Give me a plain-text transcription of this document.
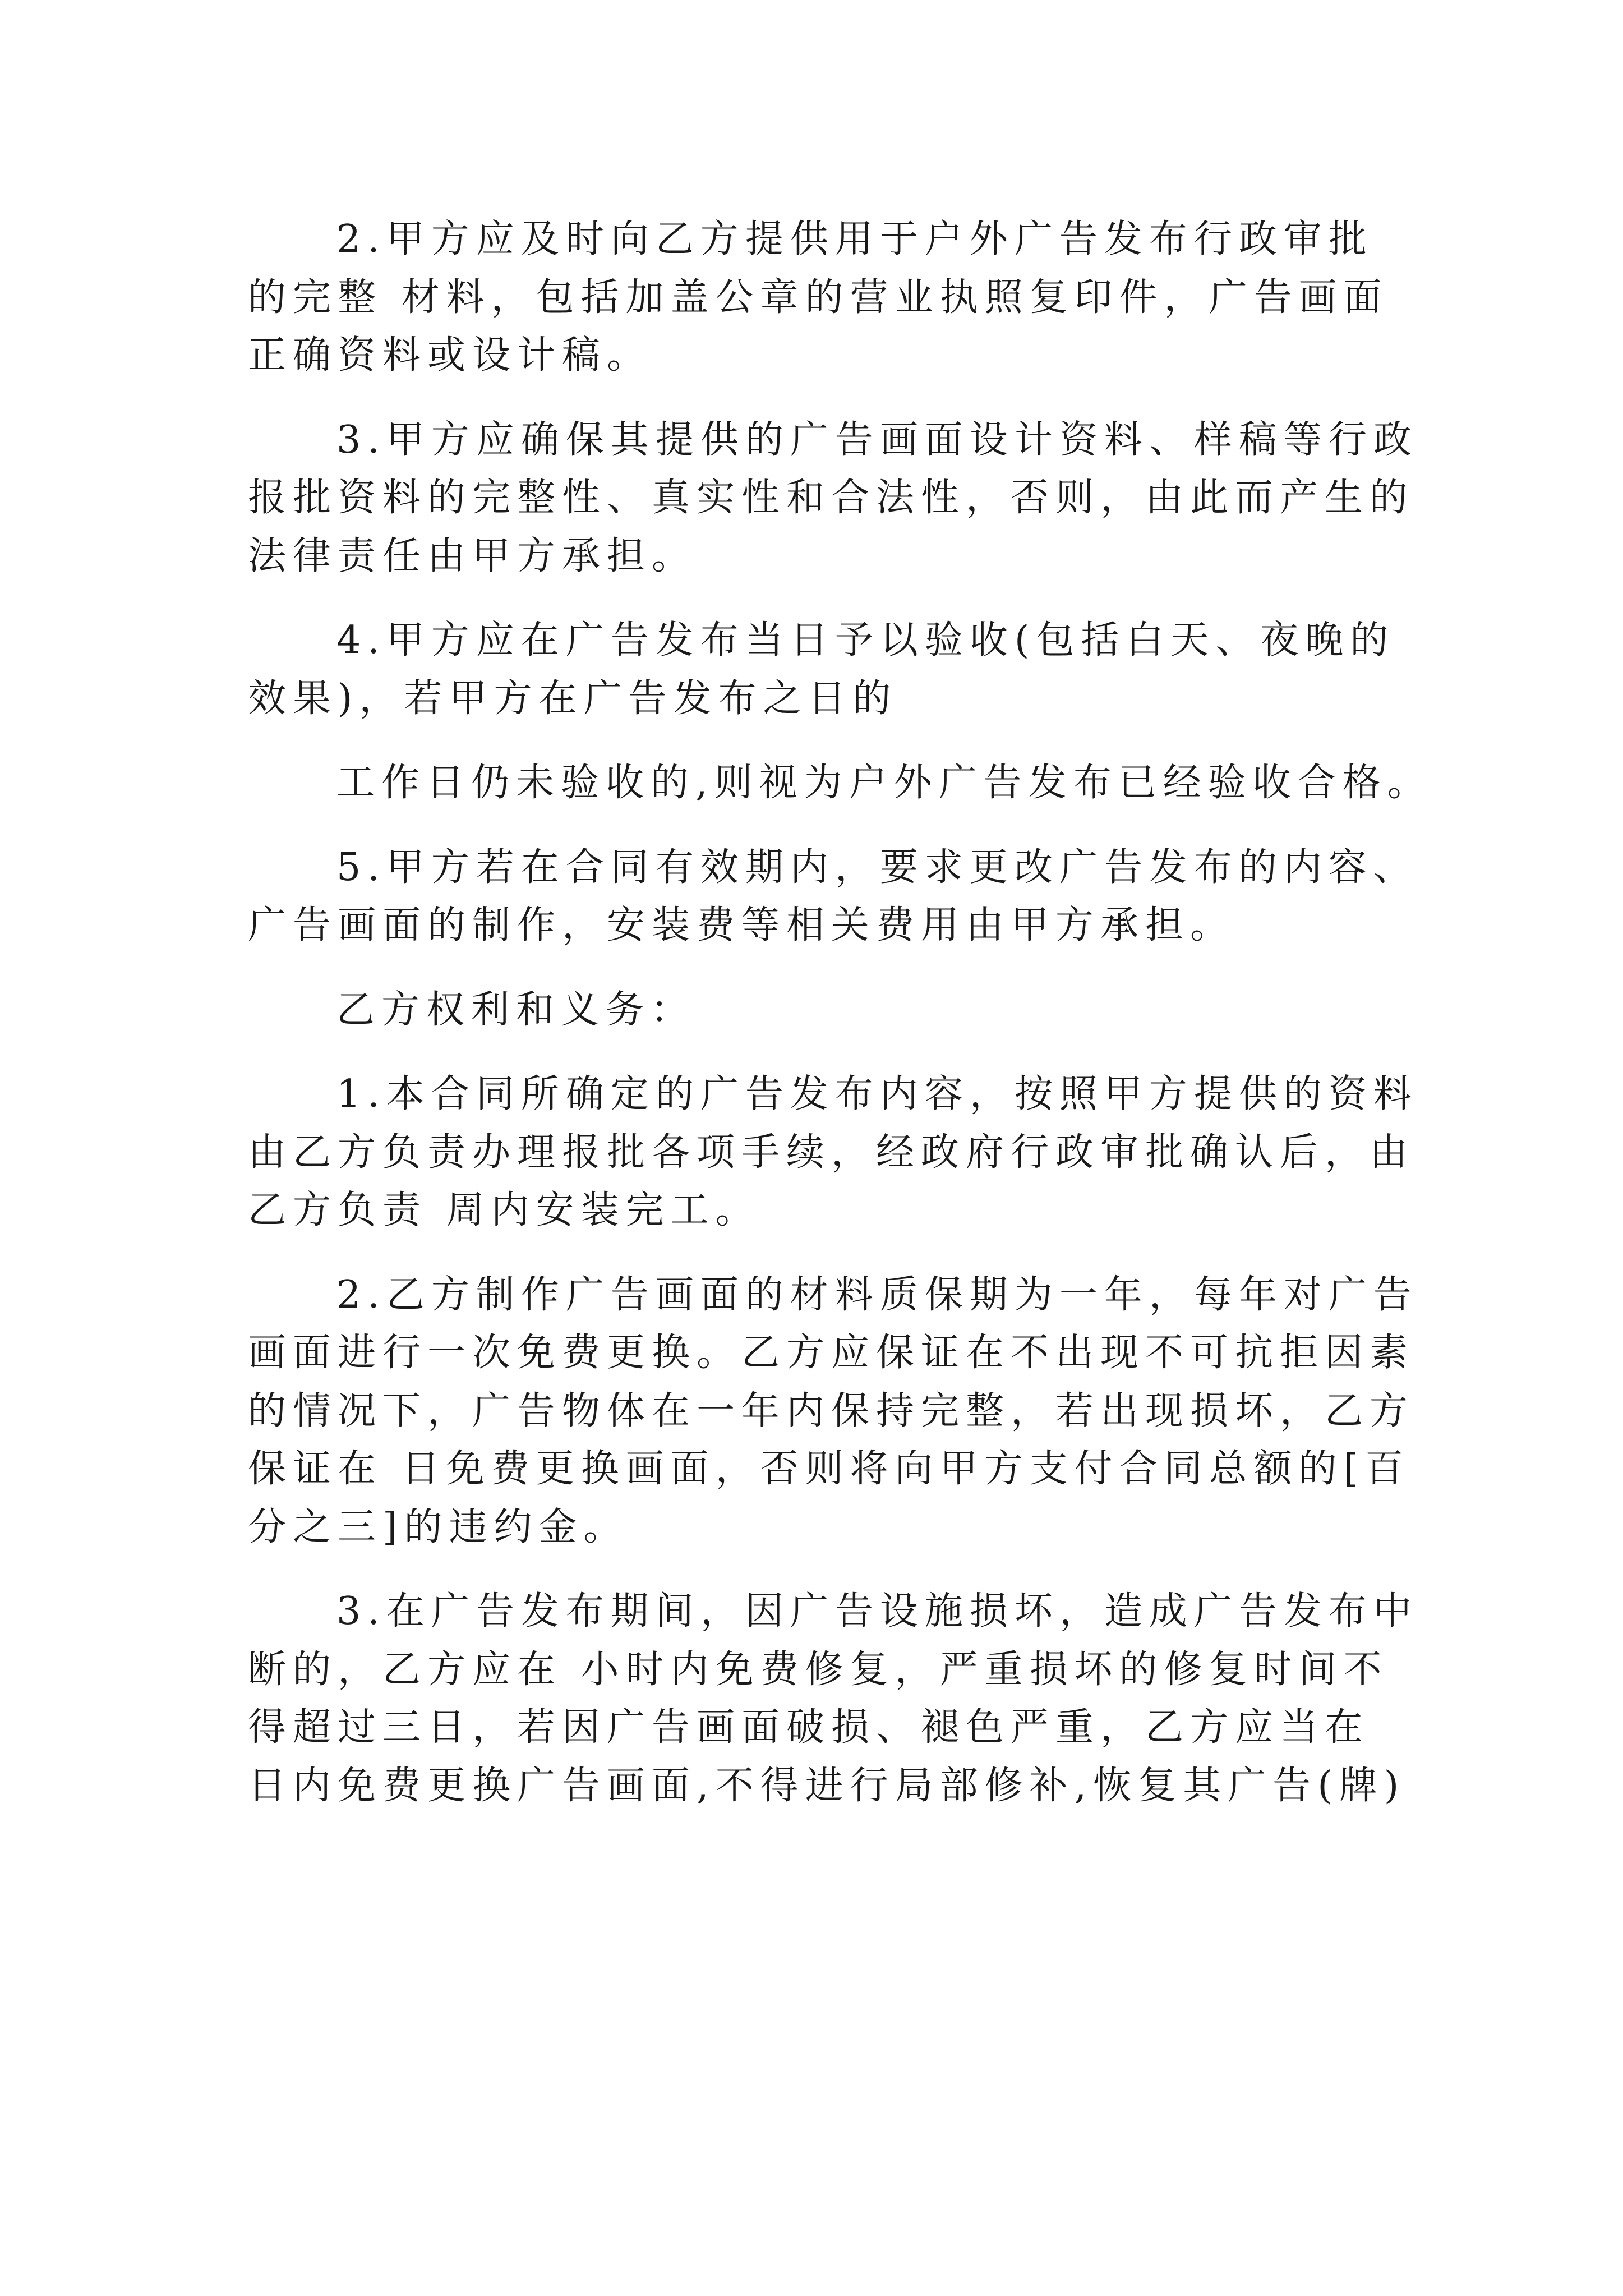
2.甲方应及时向乙方提供用于户外广告发布行政审批
的完整 材料，包括加盖公章的营业执照复印件，广告画面
正确资料或设计稿。
3.甲方应确保其提供的广告画面设计资料、样稿等行政
报批资料的完整性、真实性和合法性，否则，由此而产生的
法律责任由甲方承担。
4.甲方应在广告发布当日予以验收(包括白天、夜晚的
效果)，若甲方在广告发布之日的
工作日仍未验收的,则视为户外广告发布已经验收合格。
5.甲方若在合同有效期内，要求更改广告发布的内容、
广告画面的制作，安装费等相关费用由甲方承担。
乙方权利和义务：
1.本合同所确定的广告发布内容，按照甲方提供的资料
由乙方负责办理报批各项手续，经政府行政审批确认后，由
乙方负责 周内安装完工。
2.乙方制作广告画面的材料质保期为一年，每年对广告
画面进行一次免费更换。乙方应保证在不出现不可抗拒因素
的情况下，广告物体在一年内保持完整，若出现损坏，乙方
保证在 日免费更换画面，否则将向甲方支付合同总额的[百
分之三]的违约金。
3.在广告发布期间，因广告设施损坏，造成广告发布中
断的，乙方应在 小时内免费修复，严重损坏的修复时间不
得超过三日，若因广告画面破损、褪色严重，乙方应当在
日内免费更换广告画面,不得进行局部修补,恢复其广告(牌)
